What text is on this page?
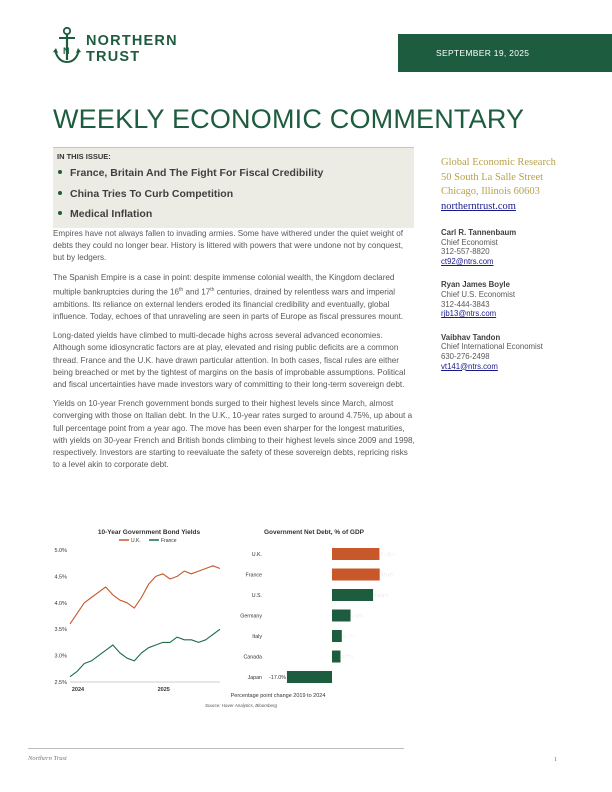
N
NORTHERN
TRUST	SEPTEMBER 19, 2025
WEEKLY ECONOMIC COMMENTARY
IN THIS ISSUE:
France, Britain And The Fight For Fiscal Credibility
China Tries To Curb Competition
Medical Inflation

Empires have not always fallen to invading armies. Some have withered under the quiet weight of debts they could no longer bear. History is littered with powers that were undone not by conquest, but by ledgers.

The Spanish Empire is a case in point: despite immense colonial wealth, the Kingdom declared multiple bankruptcies during the 16th and 17th centuries, drained by relentless wars and imperial ambitions. Its reliance on external lenders eroded its financial credibility and eventually, global influence. Today, echoes of that unraveling are seen in parts of Europe as fiscal pressures mount.

Long-dated yields have climbed to multi-decade highs across several advanced economies. Although some idiosyncratic factors are at play, elevated and rising public deficits are a common thread. France and the U.K. have drawn particular attention. In both cases, fiscal rules are either being breached or met by the tightest of margins on the basis of improbable assumptions. Political and fiscal uncertainties have made investors wary of committing to their long-term sovereign debt.

Yields on 10-year French government bonds surged to their highest levels since March, almost converging with those on Italian debt. In the U.K., 10-year rates surged to around 4.75%, up about a full percentage point from a year ago. The move has been even sharper for the longest maturities, with yields on 30-year French and British bonds climbing to their highest levels since 2009 and 1998, respectively. Investors are starting to reevaluate the safety of these sovereign debts, repricing risks to a level akin to corporate debt.

Global Economic Research
50 South La Salle Street
Chicago, Illinois 60603
northerntrust.com
Carl R. Tannenbaum
Chief Economist
312-557-8820
ct92@ntrs.com
Ryan James Boyle
Chief U.S. Economist
312-444-3843
rjb13@ntrs.com
Vaibhav Tandon
Chief International Economist
630-276-2498
vt141@ntrs.com
10-Year Government Bond Yields	Government Net Debt, % of GDP
5.0%
4.5%
4.0%
3.5%
3.0%
2.5%
2024	2025
U.K.	France
U.K.	17.9%
France	18.0%
U.S.	15.5%
Germany	7.0%
Italy	3.7%
Canada	3.2%
Japan -17.0%
Percentage point change 2019 to 2024
Source: Haver Analytics, Bloomberg
Northern Trust	1
